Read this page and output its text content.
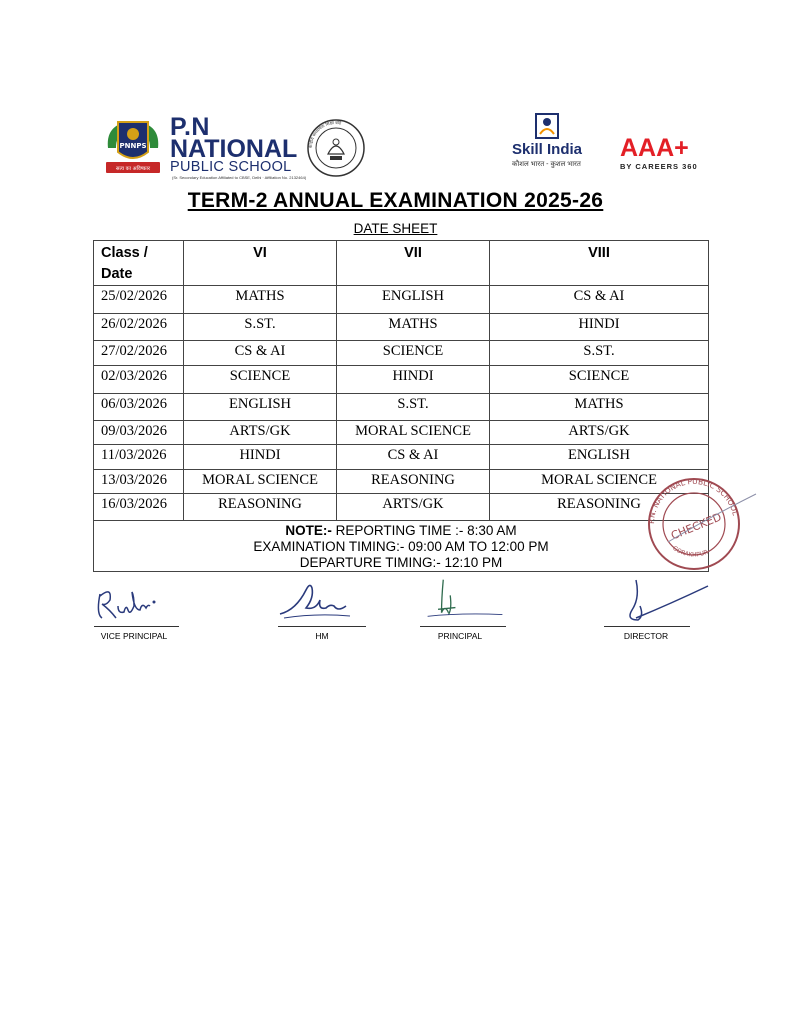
PNNPS
सत्य का अविष्कार
P.N
NATIONAL
PUBLIC SCHOOL
(Sr. Secondary Education Affiliated to CBSE, Delhi · Affiliation No. 2132464)
केन्द्रीय माध्यमिक शिक्षा बोर्ड
Skill India
कौशल भारत - कुशल भारत
AAA+
BY CAREERS 360
TERM-2 ANNUAL EXAMINATION 2025-26
DATE SHEET
Class / Date	VI	VII	VIII
25/02/2026	MATHS	ENGLISH	CS & AI
26/02/2026	S.ST.	MATHS	HINDI
27/02/2026	CS & AI	SCIENCE	S.ST.
02/03/2026	SCIENCE	HINDI	SCIENCE
06/03/2026	ENGLISH	S.ST.	MATHS
09/03/2026	ARTS/GK	MORAL SCIENCE	ARTS/GK
11/03/2026	HINDI	CS & AI	ENGLISH
13/03/2026	MORAL SCIENCE	REASONING	MORAL SCIENCE
16/03/2026	REASONING	ARTS/GK	REASONING

NOTE:- REPORTING TIME :- 8:30 AM
EXAMINATION TIMING:- 09:00 AM TO 12:00 PM
DEPARTURE TIMING:- 12:10 PM			
P.N. NATIONAL PUBLIC SCHOOL
GORAKHPUR
CHECKED
VICE PRINCIPAL	HM	PRINCIPAL	DIRECTOR
